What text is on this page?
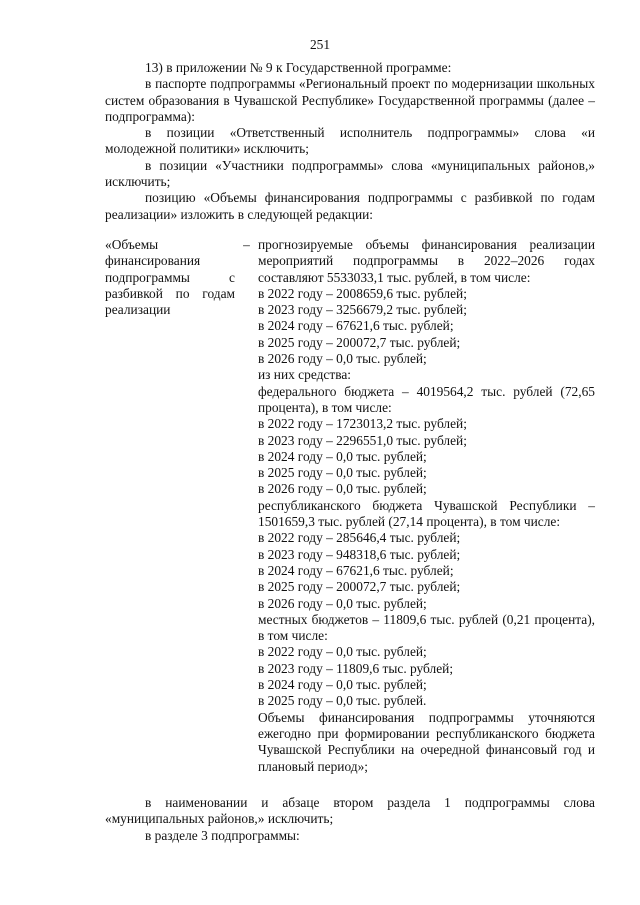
251

13) в приложении № 9 к Государственной программе:

в паспорте подпрограммы «Региональный проект по модернизации школьных систем образования в Чувашской Республике» Государственной программы (далее – подпрограмма):

в позиции «Ответственный исполнитель подпрограммы» слова «и молодежной политики» исключить;

в позиции «Участники подпрограммы» слова «муниципальных районов,» исключить;

позицию «Объемы финансирования подпрограммы с разбивкой по годам реализации» изложить в следующей редакции:

«Объемы финансирования подпрограммы с разбивкой по годам реализации
– прогнозируемые объемы финансирования реализации мероприятий подпрограммы в 2022–2026 годах составляют 5533033,1 тыс. рублей, в том числе:

в 2022 году – 2008659,6 тыс. рублей;

в 2023 году – 3256679,2 тыс. рублей;

в 2024 году – 67621,6 тыс. рублей;

в 2025 году – 200072,7 тыс. рублей;

в 2026 году – 0,0 тыс. рублей;

из них средства:

федерального бюджета – 4019564,2 тыс. рублей (72,65 процента), в том числе:

в 2022 году – 1723013,2 тыс. рублей;

в 2023 году – 2296551,0 тыс. рублей;

в 2024 году – 0,0 тыс. рублей;

в 2025 году – 0,0 тыс. рублей;

в 2026 году – 0,0 тыс. рублей;

республиканского бюджета Чувашской Республики – 1501659,3 тыс. рублей (27,14 процента), в том числе:

в 2022 году – 285646,4 тыс. рублей;

в 2023 году – 948318,6 тыс. рублей;

в 2024 году – 67621,6 тыс. рублей;

в 2025 году – 200072,7 тыс. рублей;

в 2026 году – 0,0 тыс. рублей;

местных бюджетов – 11809,6 тыс. рублей (0,21 процента), в том числе:

в 2022 году – 0,0 тыс. рублей;

в 2023 году – 11809,6 тыс. рублей;

в 2024 году – 0,0 тыс. рублей;

в 2025 году – 0,0 тыс. рублей.

Объемы финансирования подпрограммы уточняются ежегодно при формировании республиканского бюджета Чувашской Республики на очередной финансовый год и плановый период»;

в наименовании и абзаце втором раздела 1 подпрограммы слова «муниципальных районов,» исключить;

в разделе 3 подпрограммы:
